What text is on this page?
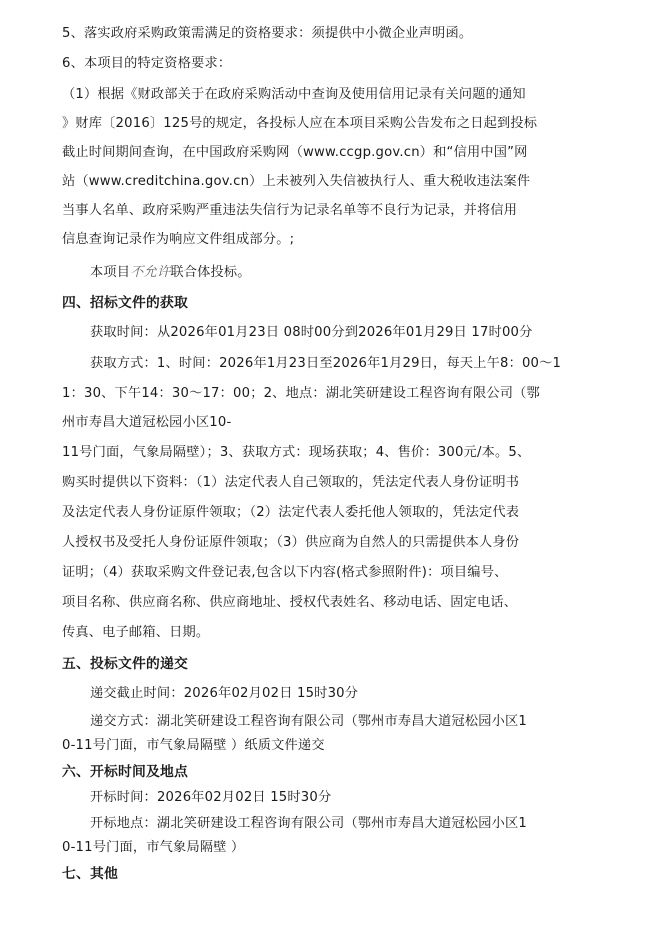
5、落实政府采购政策需满足的资格要求：须提供中小微企业声明函。
6、本项目的特定资格要求：
（1）根据《财政部关于在政府采购活动中查询及使用信用记录有关问题的通知
》财库〔2016〕125号的规定，各投标人应在本项目采购公告发布之日起到投标
截止时间期间查询，在中国政府采购网（www.ccgp.gov.cn）和“信用中国”网
站（www.creditchina.gov.cn）上未被列入失信被执行人、重大税收违法案件
当事人名单、政府采购严重违法失信行为记录名单等不良行为记录，并将信用
信息查询记录作为响应文件组成部分。;
本项目不允许联合体投标。
四、招标文件的获取
获取时间：从2026年01月23日 08时00分到2026年01月29日 17时00分
获取方式：1、时间：2026年1月23日至2026年1月29日，每天上午8：00～1
1：30、下午14：30～17：00；2、地点：湖北笑研建设工程咨询有限公司（鄂
州市寿昌大道冠松园小区10-
11号门面，气象局隔壁）；3、获取方式：现场获取；4、售价：300元/本。5、
购买时提供以下资料：（1）法定代表人自己领取的，凭法定代表人身份证明书
及法定代表人身份证原件领取；（2）法定代表人委托他人领取的，凭法定代表
人授权书及受托人身份证原件领取；（3）供应商为自然人的只需提供本人身份
证明；（4）获取采购文件登记表,包含以下内容(格式参照附件)：项目编号、
项目名称、供应商名称、供应商地址、授权代表姓名、移动电话、固定电话、
传真、电子邮箱、日期。
五、投标文件的递交
递交截止时间：2026年02月02日 15时30分
递交方式：湖北笑研建设工程咨询有限公司（鄂州市寿昌大道冠松园小区1
0-11号门面，市气象局隔壁 ）纸质文件递交
六、开标时间及地点
开标时间：2026年02月02日 15时30分
开标地点：湖北笑研建设工程咨询有限公司（鄂州市寿昌大道冠松园小区1
0-11号门面，市气象局隔壁 ）
七、其他
